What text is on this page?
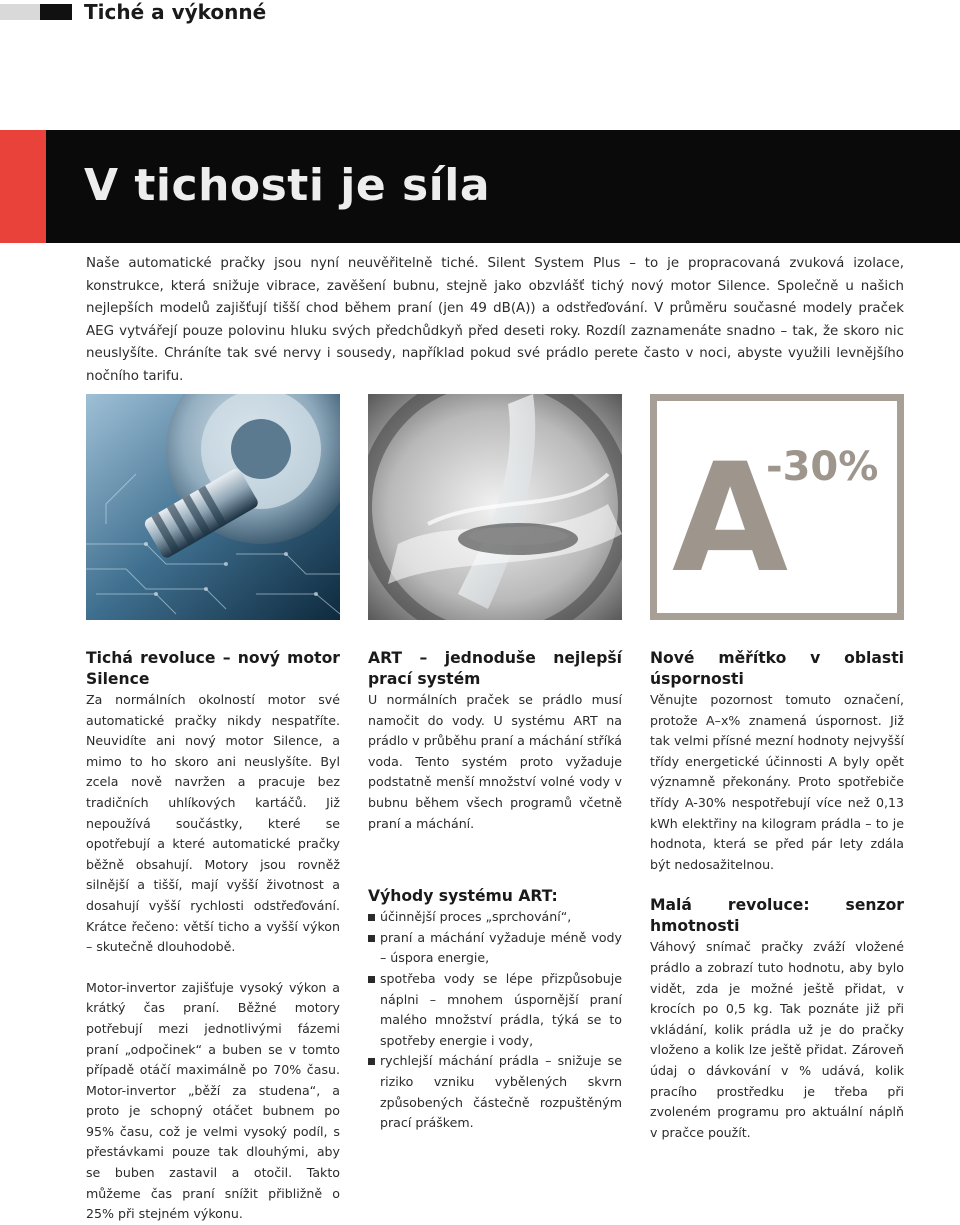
Tiché a výkonné
V tichosti je síla
Naše automatické pračky jsou nyní neuvěřitelně tiché. Silent System Plus – to je propracovaná zvuková izolace, konstrukce, která snižuje vibrace, zavěšení bubnu, stejně jako obzvlášť tichý nový motor Silence. Společně u našich nejlepších modelů zajišťují tišší chod během praní (jen 49 dB(A)) a odstřeďování. V průměru současné modely praček AEG vytvářejí pouze polovinu hluku svých předchůdkyň před deseti roky. Rozdíl zaznamenáte snadno – tak, že skoro nic neuslyšíte. Chráníte tak své nervy i sousedy, například pokud své prádlo perete často v noci, abyste využili levnějšího nočního tarifu.
A
-30%
Tichá revoluce – nový motor Silence

Za normálních okolností motor své automatické pračky nikdy nespatříte. Neuvidíte ani nový motor Silence, a mimo to ho skoro ani neuslyšíte. Byl zcela nově navržen a pracuje bez tradičních uhlíkových kartáčů. Již nepoužívá součástky, které se opotřebují a které automatické pračky běžně obsahují. Motory jsou rovněž silnější a tišší, mají vyšší životnost a dosahují vyšší rychlosti odstřeďování. Krátce řečeno: větší ticho a vyšší výkon – skutečně dlouhodobě.

Motor-invertor zajišťuje vysoký výkon a krátký čas praní. Běžné motory potřebují mezi jednotlivými fázemi praní „odpočinek“ a buben se v tomto případě otáčí maximálně po 70% času. Motor-invertor „běží za studena“, a proto je schopný otáčet bubnem po 95% času, což je velmi vysoký podíl, s přestávkami pouze tak dlouhými, aby se buben zastavil a otočil. Takto můžeme čas praní snížit přibližně o 25% při stejném výkonu.

ART – jednoduše nejlepší prací systém

U normálních praček se prádlo musí namočit do vody. U systému ART na prádlo v průběhu praní a máchání stříká voda. Tento systém proto vyžaduje podstatně menší množství volné vody v bubnu během všech programů včetně praní a máchání.

Výhody systému ART:
účinnější proces „sprchování“,
praní a máchání vyžaduje méně vody – úspora energie,
spotřeba vody se lépe přizpůsobuje náplni – mnohem úspornější praní malého množství prádla, týká se to spotřeby energie i vody,
rychlejší máchání prádla – snižuje se riziko vzniku vybělených skvrn způsobených částečně rozpuštěným prací práškem.
Nové měřítko v oblasti úspornosti

Věnujte pozornost tomuto označení, protože A–x% znamená úspornost. Již tak velmi přísné mezní hodnoty nejvyšší třídy energetické účinnosti A byly opět významně překonány. Proto spotřebiče třídy A-30% nespotřebují více než 0,13 kWh elektřiny na kilogram prádla – to je hodnota, která se před pár lety zdála být nedosažitelnou.

Malá revoluce: senzor hmotnosti

Váhový snímač pračky zváží vložené prádlo a zobrazí tuto hodnotu, aby bylo vidět, zda je možné ještě přidat, v krocích po 0,5 kg. Tak poznáte již při vkládání, kolik prádla už je do pračky vloženo a kolik lze ještě přidat. Zároveň údaj o dávkování v % udává, kolik pracího prostředku je třeba při zvoleném programu pro aktuální náplň v pračce použít.
